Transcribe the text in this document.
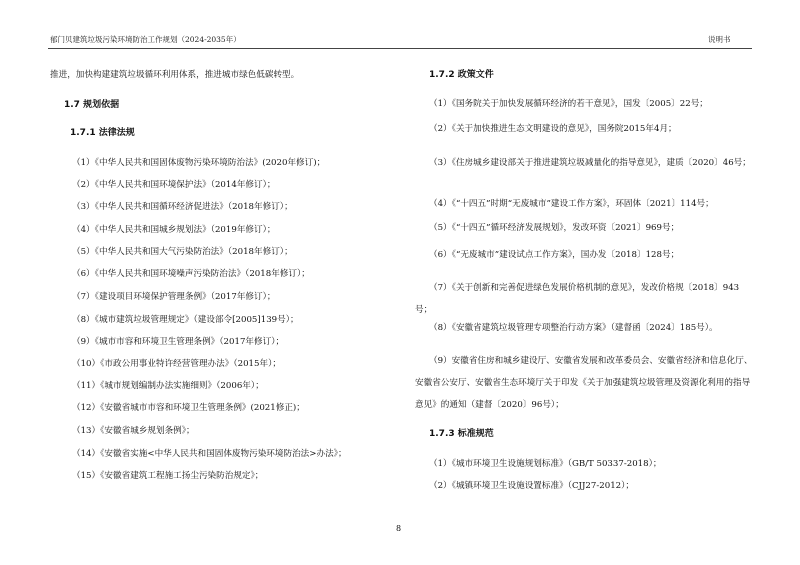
郁门贝建筑垃圾污染环境防治工作规划（2024-2035年）	说明书
推进，加快构建建筑垃圾循环利用体系，推进城市绿色低碳转型。
1.7 规划依据
1.7.1 法律法规
（1）《中华人民共和国固体废物污染环境防治法》(2020年修订)；
（2）《中华人民共和国环境保护法》（2014年修订）；
（3）《中华人民共和国循环经济促进法》（2018年修订）；
（4）《中华人民共和国城乡规划法》（2019年修订）；
（5）《中华人民共和国大气污染防治法》（2018年修订）；
（6）《中华人民共和国环境噪声污染防治法》（2018年修订）；
（7）《建设项目环境保护管理条例》（2017年修订）；
（8）《城市建筑垃圾管理规定》（建设部令[2005]139号）；
（9）《城市市容和环境卫生管理条例》（2017年修订）；
（10）《市政公用事业特许经营管理办法》（2015年）；
（11）《城市规划编制办法实施细则》（2006年）；
（12）《安徽省城市市容和环境卫生管理条例》(2021修正)；
（13）《安徽省城乡规划条例》；
（14）《安徽省实施<中华人民共和国固体废物污染环境防治法>办法》；
（15）《安徽省建筑工程施工扬尘污染防治规定》；
1.7.2 政策文件
（1）《国务院关于加快发展循环经济的若干意见》，国发〔2005〕22号；
（2）《关于加快推进生态文明建设的意见》，国务院2015年4月；
（3）《住房城乡建设部关于推进建筑垃圾减量化的指导意见》，建质〔2020〕46号；
（4）《“十四五”时期“无废城市”建设工作方案》，环固体〔2021〕114号；
（5）《“十四五”循环经济发展规划》，发改环资〔2021〕969号；
（6）《“无废城市”建设试点工作方案》，国办发〔2018〕128号；
（7）《关于创新和完善促进绿色发展价格机制的意见》，发改价格规〔2018〕943号；
（8）《安徽省建筑垃圾管理专项整治行动方案》（建督函〔2024〕185号）。
（9）安徽省住房和城乡建设厅、安徽省发展和改革委员会、安徽省经济和信息化厅、安徽省公安厅、安徽省生态环境厅关于印发《关于加强建筑垃圾管理及资源化利用的指导意见》的通知（建督〔2020〕96号）；
1.7.3 标准规范
（1）《城市环境卫生设施规划标准》（GB/T 50337-2018）；
（2）《城镇环境卫生设施设置标准》（CJJ27-2012）；
8
